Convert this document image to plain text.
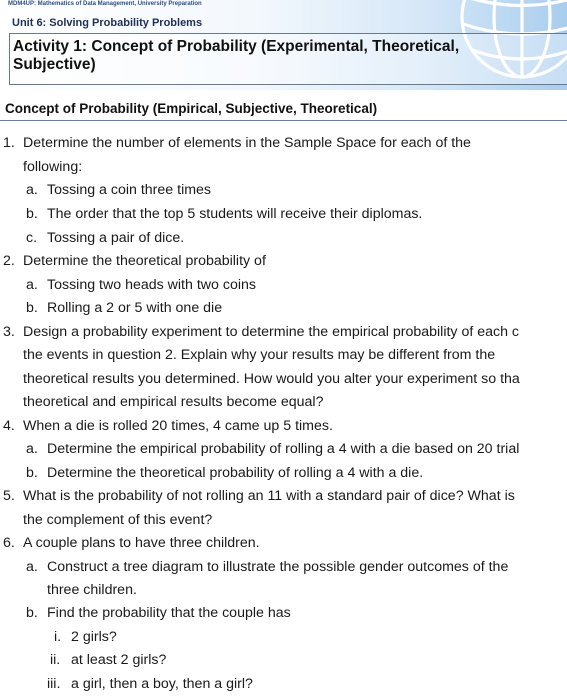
MDM4UP: Mathematics of Data Management, University Preparation
Unit 6: Solving Probability Problems
Activity 1: Concept of Probability (Experimental, Theoretical,
Subjective)
Concept of Probability (Empirical, Subjective, Theoretical)
1. Determine the number of elements in the Sample Space for each of the
following:
a. Tossing a coin three times
b. The order that the top 5 students will receive their diplomas.
c. Tossing a pair of dice.
2. Determine the theoretical probability of
a. Tossing two heads with two coins
b. Rolling a 2 or 5 with one die
3. Design a probability experiment to determine the empirical probability of each c
the events in question 2. Explain why your results may be different from the
theoretical results you determined. How would you alter your experiment so tha
theoretical and empirical results become equal?
4. When a die is rolled 20 times, 4 came up 5 times.
a. Determine the empirical probability of rolling a 4 with a die based on 20 trial
b. Determine the theoretical probability of rolling a 4 with a die.
5. What is the probability of not rolling an 11 with a standard pair of dice? What is
the complement of this event?
6. A couple plans to have three children.
a. Construct a tree diagram to illustrate the possible gender outcomes of the
three children.
b. Find the probability that the couple has
i. 2 girls?
ii. at least 2 girls?
iii. a girl, then a boy, then a girl?
